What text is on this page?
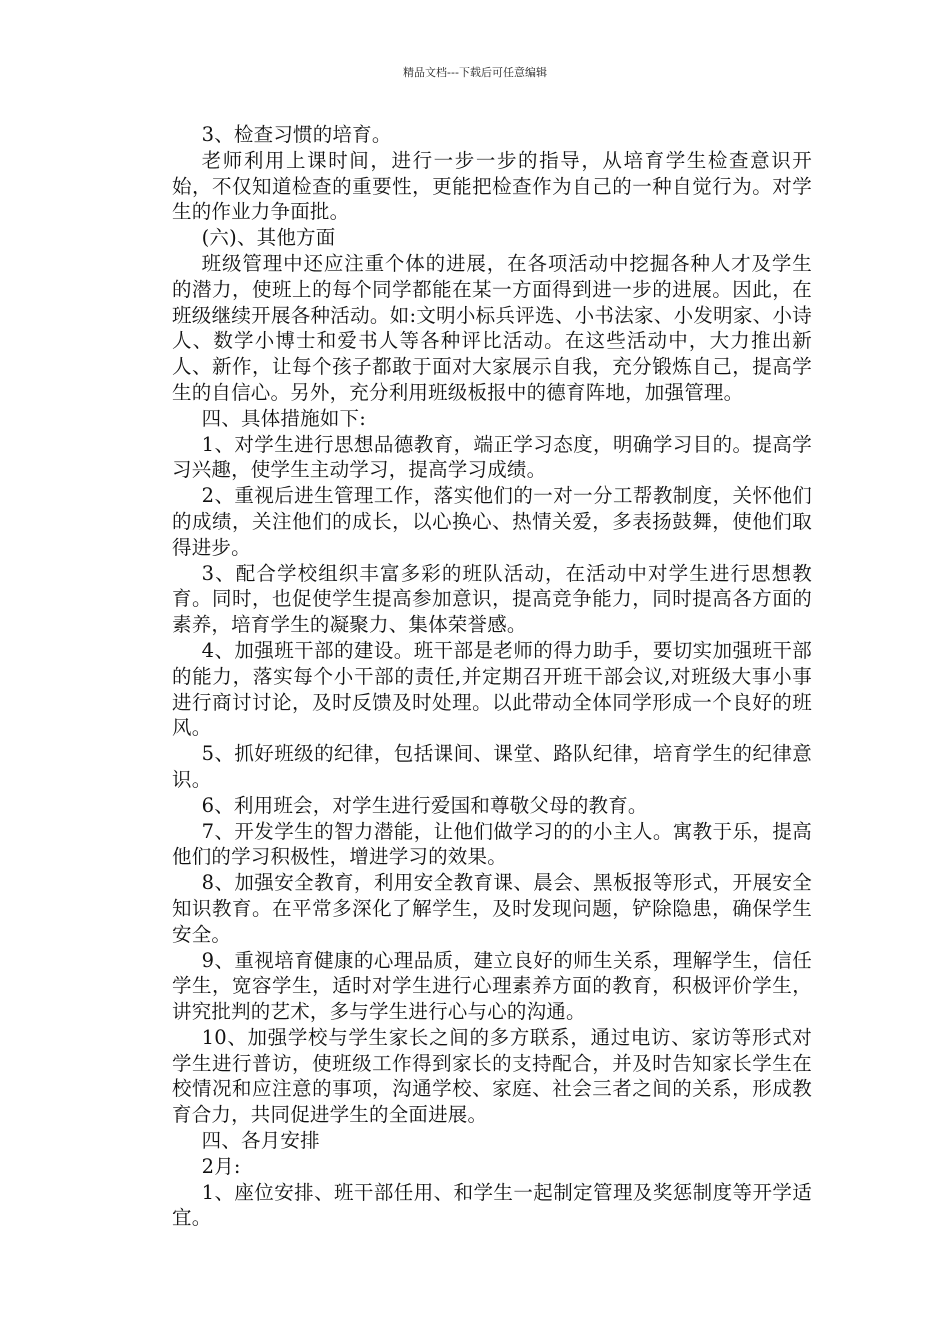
精品文档---下载后可任意编辑

3、检查习惯的培育。

老师利用上课时间，进行一步一步的指导，从培育学生检查意识开始，不仅知道检查的重要性，更能把检查作为自己的一种自觉行为。对学生的作业力争面批。

(六)、其他方面

班级管理中还应注重个体的进展，在各项活动中挖掘各种人才及学生的潜力，使班上的每个同学都能在某一方面得到进一步的进展。因此，在班级继续开展各种活动。如:文明小标兵评选、小书法家、小发明家、小诗人、数学小博士和爱书人等各种评比活动。在这些活动中，大力推出新人、新作，让每个孩子都敢于面对大家展示自我，充分锻炼自己，提高学生的自信心。另外，充分利用班级板报中的德育阵地，加强管理。

四、具体措施如下:

1、对学生进行思想品德教育，端正学习态度，明确学习目的。提高学习兴趣，使学生主动学习，提高学习成绩。

2、重视后进生管理工作，落实他们的一对一分工帮教制度，关怀他们的成绩，关注他们的成长，以心换心、热情关爱，多表扬鼓舞，使他们取得进步。

3、配合学校组织丰富多彩的班队活动，在活动中对学生进行思想教育。同时，也促使学生提高参加意识，提高竞争能力，同时提高各方面的素养，培育学生的凝聚力、集体荣誉感。

4、加强班干部的建设。班干部是老师的得力助手，要切实加强班干部的能力，落实每个小干部的责任,并定期召开班干部会议,对班级大事小事进行商讨讨论，及时反馈及时处理。以此带动全体同学形成一个良好的班风。

5、抓好班级的纪律，包括课间、课堂、路队纪律，培育学生的纪律意识。

6、利用班会，对学生进行爱国和尊敬父母的教育。

7、开发学生的智力潜能，让他们做学习的的小主人。寓教于乐，提高他们的学习积极性，增进学习的效果。

8、加强安全教育，利用安全教育课、晨会、黑板报等形式，开展安全知识教育。在平常多深化了解学生，及时发现问题，铲除隐患，确保学生安全。

9、重视培育健康的心理品质，建立良好的师生关系，理解学生，信任学生，宽容学生，适时对学生进行心理素养方面的教育，积极评价学生，讲究批判的艺术，多与学生进行心与心的沟通。

10、加强学校与学生家长之间的多方联系，通过电访、家访等形式对学生进行普访，使班级工作得到家长的支持配合，并及时告知家长学生在校情况和应注意的事项，沟通学校、家庭、社会三者之间的关系，形成教育合力，共同促进学生的全面进展。

四、各月安排

2月:

1、座位安排、班干部任用、和学生一起制定管理及奖惩制度等开学适宜。
